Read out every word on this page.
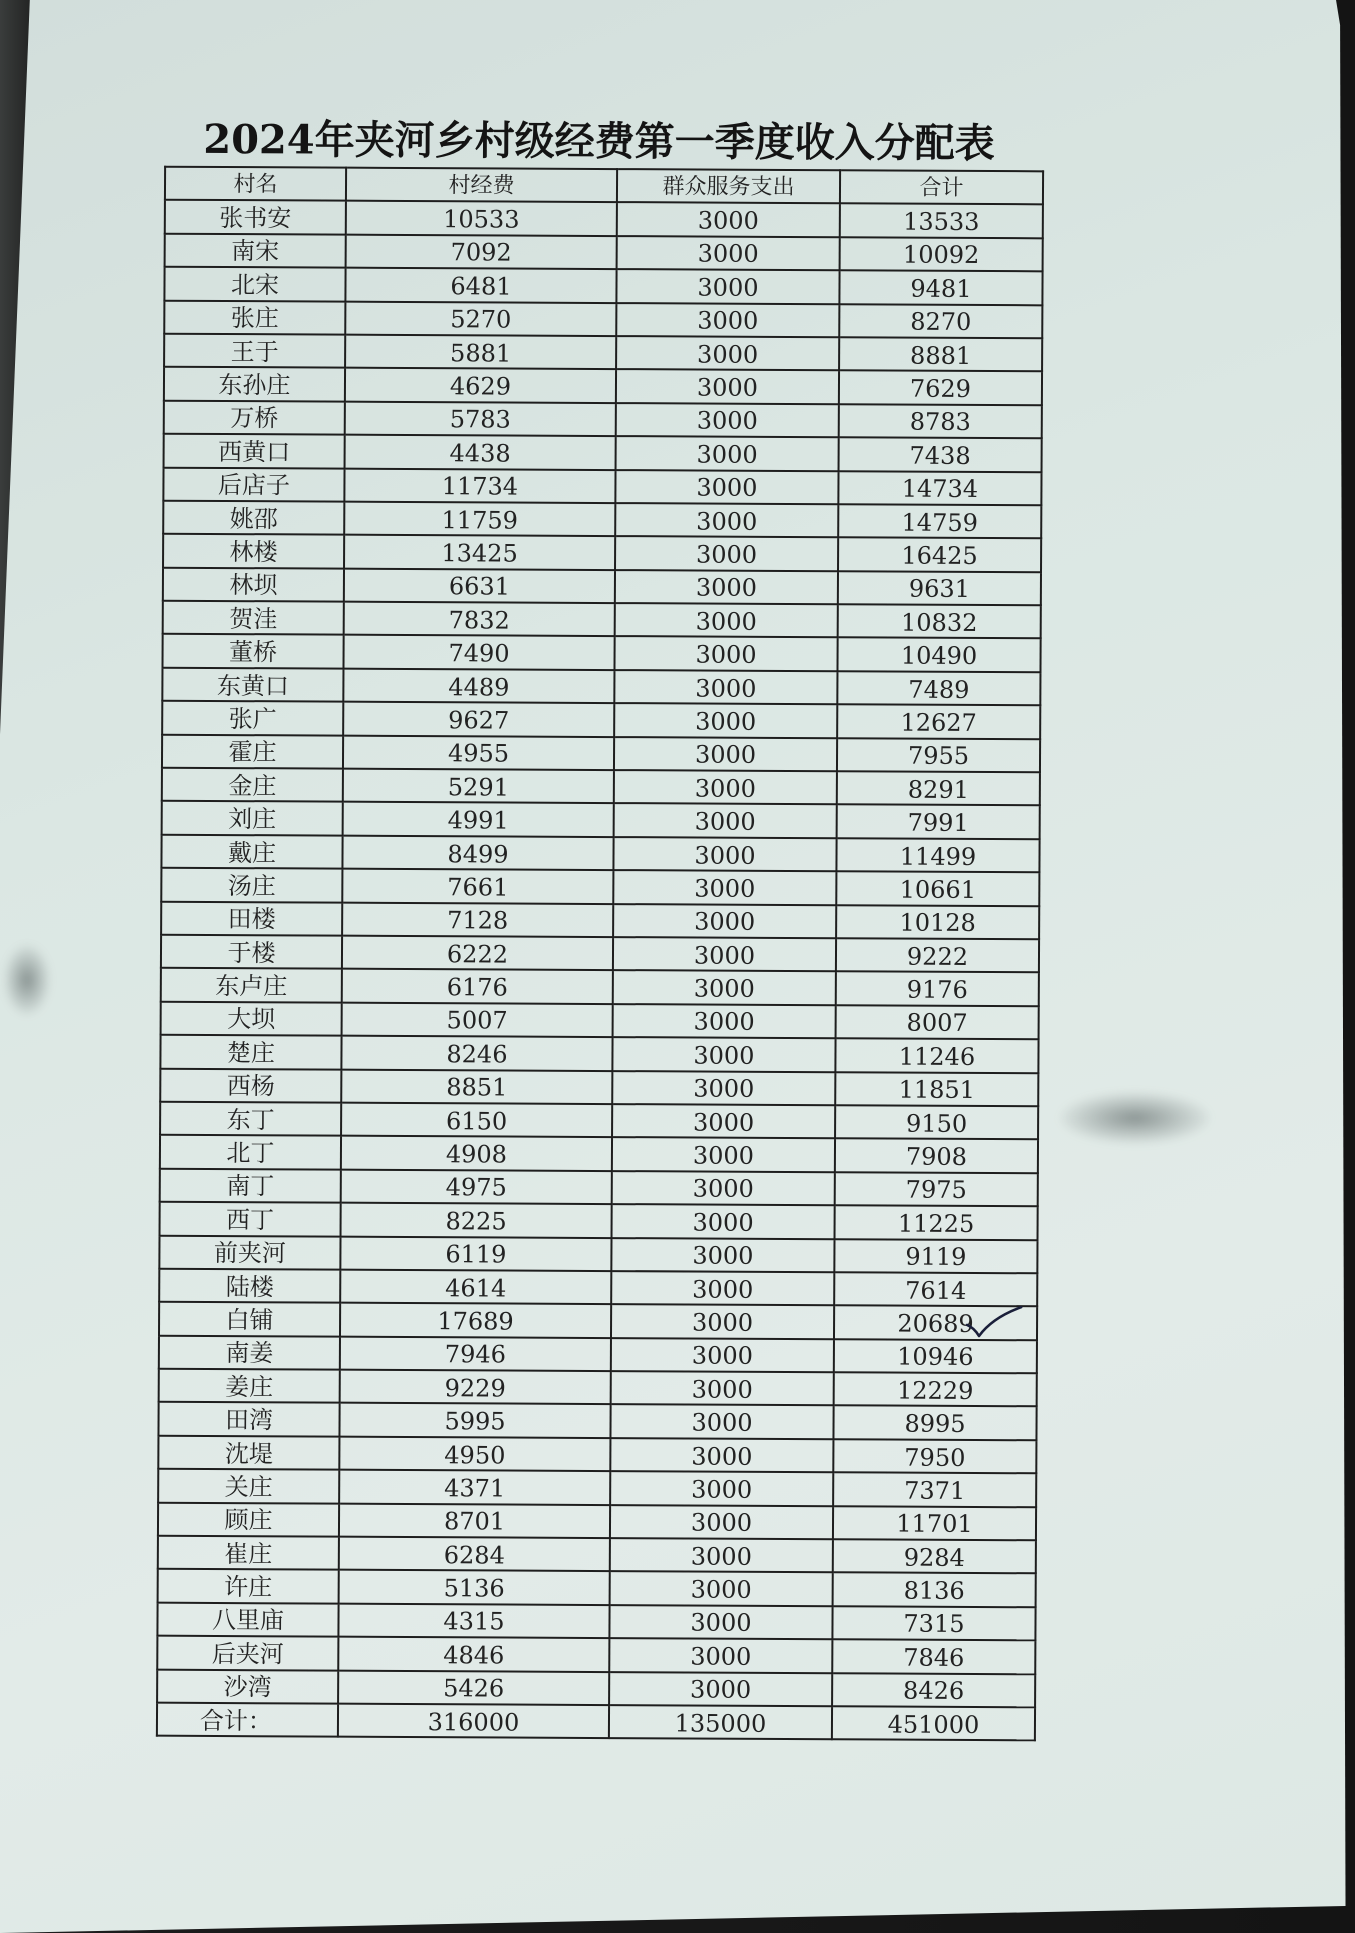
2024年夹河乡村级经费第一季度收入分配表
村名	村经费	群众服务支出	合计
张书安	10533	3000	13533
南宋	7092	3000	10092
北宋	6481	3000	9481
张庄	5270	3000	8270
王于	5881	3000	8881
东孙庄	4629	3000	7629
万桥	5783	3000	8783
西黄口	4438	3000	7438
后店子	11734	3000	14734
姚邵	11759	3000	14759
林楼	13425	3000	16425
林坝	6631	3000	9631
贺洼	7832	3000	10832
董桥	7490	3000	10490
东黄口	4489	3000	7489
张广	9627	3000	12627
霍庄	4955	3000	7955
金庄	5291	3000	8291
刘庄	4991	3000	7991
戴庄	8499	3000	11499
汤庄	7661	3000	10661
田楼	7128	3000	10128
于楼	6222	3000	9222
东卢庄	6176	3000	9176
大坝	5007	3000	8007
楚庄	8246	3000	11246
西杨	8851	3000	11851
东丁	6150	3000	9150
北丁	4908	3000	7908
南丁	4975	3000	7975
西丁	8225	3000	11225
前夹河	6119	3000	9119
陆楼	4614	3000	7614
白铺	17689	3000	20689

南姜	7946	3000	10946
姜庄	9229	3000	12229
田湾	5995	3000	8995
沈堤	4950	3000	7950
关庄	4371	3000	7371
顾庄	8701	3000	11701
崔庄	6284	3000	9284
许庄	5136	3000	8136
八里庙	4315	3000	7315
后夹河	4846	3000	7846
沙湾	5426	3000	8426
合计：	316000	135000	451000
